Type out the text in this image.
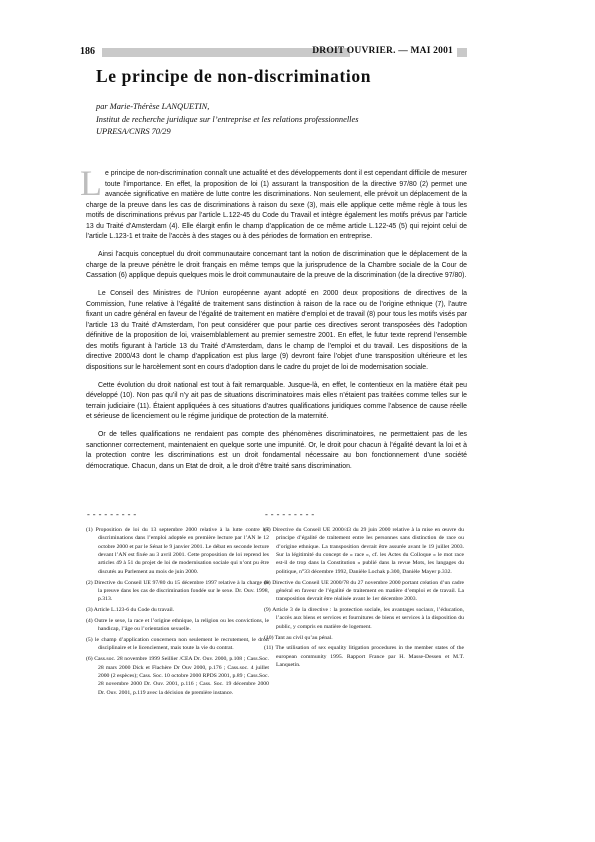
186	DROIT OUVRIER. — MAI 2001
Le principe de non-discrimination
par Marie-Thérèse LANQUETIN,
Institut de recherche juridique sur l’entreprise et les relations professionnelles
UPRESA/CNRS 70/29

Le principe de non-discrimination connaît une actualité et des développements dont il est cependant difficile de mesurer toute l’importance. En effet, la proposition de loi (1) assurant la transposition de la directive 97/80 (2) permet une avancée significative en matière de lutte contre les discriminations. Non seulement, elle prévoit un déplacement de la charge de la preuve dans les cas de discriminations à raison du sexe (3), mais elle applique cette même règle à tous les motifs de discriminations prévus par l’article L.122-45 du Code du Travail et intègre également les motifs prévus par l’article 13 du Traité d’Amsterdam (4). Elle élargit enfin le champ d’application de ce même article L.122-45 (5) qui rejoint celui de l’article L.123-1 et traite de l’accès à des stages ou à des périodes de formation en entreprise.

Ainsi l’acquis conceptuel du droit communautaire concernant tant la notion de discrimination que le déplacement de la charge de la preuve pénètre le droit français en même temps que la jurisprudence de la Chambre sociale de la Cour de Cassation (6) applique depuis quelques mois le droit communautaire de la preuve de la discrimination (de la directive 97/80).

Le Conseil des Ministres de l’Union européenne ayant adopté en 2000 deux propositions de directives de la Commission, l’une relative à l’égalité de traitement sans distinction à raison de la race ou de l’origine ethnique (7), l’autre fixant un cadre général en faveur de l’égalité de traitement en matière d’emploi et de travail (8) pour tous les motifs visés par l’article 13 du Traité d’Amsterdam, l’on peut considérer que pour partie ces directives seront transposées dès l’adoption définitive de la proposition de loi, vraisemblablement au premier semestre 2001. En effet, le futur texte reprend l’ensemble des motifs figurant à l’article 13 du Traité d’Amsterdam, dans le champ de l’emploi et du travail. Les dispositions de la directive 2000/43 dont le champ d’application est plus large (9) devront faire l’objet d’une transposition ultérieure et les dispositions sur le harcèlement sont en cours d’adoption dans le cadre du projet de loi de modernisation sociale.

Cette évolution du droit national est tout à fait remarquable. Jusque-là, en effet, le contentieux en la matière était peu développé (10). Non pas qu’il n’y ait pas de situations discriminatoires mais elles n’étaient pas traitées comme telles sur le terrain judiciaire (11). Étaient appliquées à ces situations d’autres qualifications juridiques comme l’absence de cause réelle et sérieuse de licenciement ou le régime juridique de protection de la maternité.

Or de telles qualifications ne rendaient pas compte des phénomènes discriminatoires, ne permettaient pas de les sanctionner correctement, maintenaient en quelque sorte une impunité. Or, le droit pour chacun à l’égalité devant la loi et à la protection contre les discriminations est un droit fondamental nécessaire au bon fonctionnement d’une société démocratique. Chacun, dans un Etat de droit, a le droit d’être traité sans discrimination.

---------	---------
(1) Proposition de loi du 13 septembre 2000 relative à la lutte contre les discriminations dans l’emploi adoptée en première lecture par l’AN le 12 octobre 2000 et par le Sénat le 9 janvier 2001. Le débat en seconde lecture devant l’AN est fixée au 3 avril 2001. Cette proposition de loi reprend les articles 49 à 51 du projet de loi de modernisation sociale qui n’ont pu être discutés au Parlement au mois de juin 2000.
(2) Directive du Conseil UE 97/80 du 15 décembre 1997 relative à la charge de la preuve dans les cas de discrimination fondée sur le sexe. Dr. Ouv. 1998, p.313.
(3) Article L.123-6 du Code du travail.
(4) Outre le sexe, la race et l’origine ethnique, la religion ou les convictions, le handicap, l’âge ou l’orientation sexuelle.
(5) le champ d’application concernera non seulement le recrutement, le droit disciplinaire et le licenciement, mais toute la vie du contrat.
(6) Cass.soc. 28 novembre 1999 Seillier /CEA Dr. Ouv. 2000, p.108 ; Cass.Soc. 28 mars 2000 Dick et Flachère Dr Ouv 2000, p.176 ; Cass.soc. 4 juillet 2000 (2 espèces); Cass. Soc. 10 octobre 2000 RPDS 2001, p.89 ; Cass.Soc. 28 novembre 2000 Dr. Ouv. 2001, p.116 ; Cass. Soc. 19 décembre 2000 Dr. Ouv. 2001, p.119 avec la décision de première instance.
(7) Directive du Conseil UE 2000/43 du 29 juin 2000 relative à la mise en œuvre du principe d’égalité de traitement entre les personnes sans distinction de race ou d’origine ethnique. La transposition devrait être assurée avant le 19 juillet 2003. Sur la légitimité du concept de « race », cf. les Actes du Colloque « le mot race est-il de trop dans la Constitution » publié dans la revue Mots, les langages du politique, n°33 décembre 1992, Danièle Lochak p.300, Danièle Mayer p.332.
(8) Directive du Conseil UE 2000/78 du 27 novembre 2000 portant création d’un cadre général en faveur de l’égalité de traitement en matière d’emploi et de travail. La transposition devrait être réalisée avant le 1er décembre 2003.
(9) Article 3 de la directive : la protection sociale, les avantages sociaux, l’éducation, l’accès aux biens et services et fournitures de biens et services à la disposition du public, y compris en matière de logement.
(10) Tant au civil qu’au pénal.
(11) The utilisation of sex equality litigation procedures in the member states of the european community 1995. Rapport France par H. Masse-Dessen et M.T. Lanquetin.
